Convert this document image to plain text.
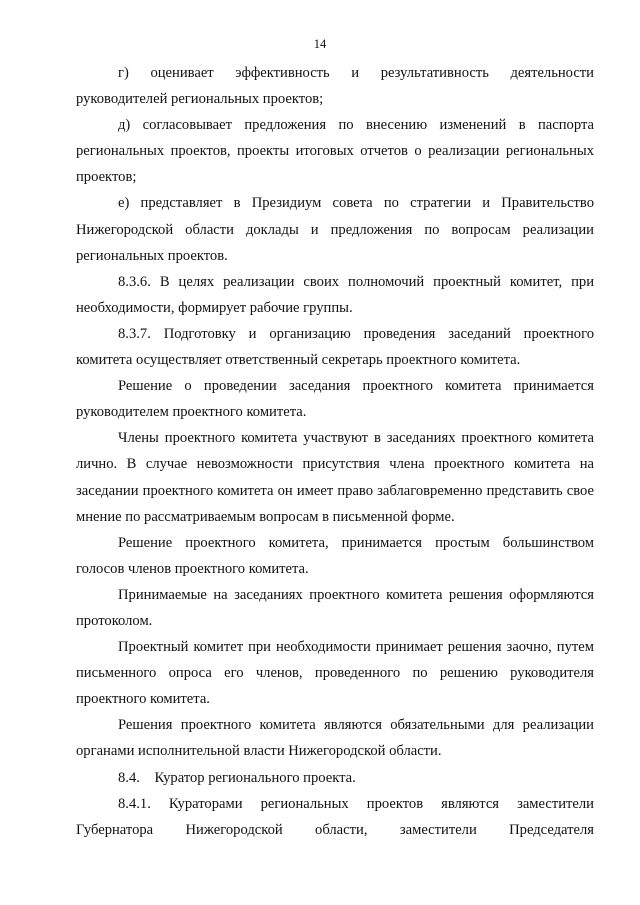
14

г) оценивает эффективность и результативность деятельности руководителей региональных проектов;

д) согласовывает предложения по внесению изменений в паспорта региональных проектов, проекты итоговых отчетов о реализации региональных проектов;

е) представляет в Президиум совета по стратегии и Правительство Нижегородской области доклады и предложения по вопросам реализации региональных проектов.

8.3.6. В целях реализации своих полномочий проектный комитет, при необходимости, формирует рабочие группы.

8.3.7. Подготовку и организацию проведения заседаний проектного комитета осуществляет ответственный секретарь проектного комитета.

Решение о проведении заседания проектного комитета принимается руководителем проектного комитета.

Члены проектного комитета участвуют в заседаниях проектного комитета лично. В случае невозможности присутствия члена проектного комитета на заседании проектного комитета он имеет право заблаговременно представить свое мнение по рассматриваемым вопросам в письменной форме.

Решение проектного комитета, принимается простым большинством голосов членов проектного комитета.

Принимаемые на заседаниях проектного комитета решения оформляются протоколом.

Проектный комитет при необходимости принимает решения заочно, путем письменного опроса его членов, проведенного по решению руководителя проектного комитета.

Решения проектного комитета являются обязательными для реализации органами исполнительной власти Нижегородской области.

8.4.    Куратор регионального проекта.

8.4.1. Кураторами региональных проектов являются заместители Губернатора Нижегородской области, заместители Председателя
